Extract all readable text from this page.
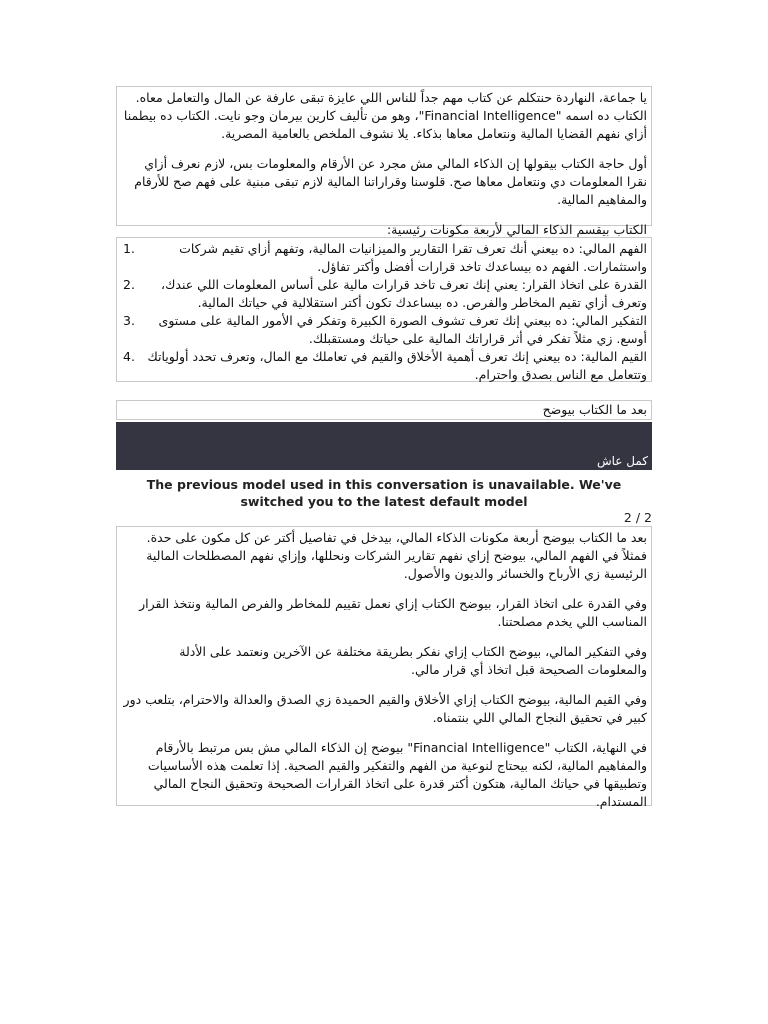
يا جماعة، النهاردة حنتكلم عن كتاب مهم جداً للناس اللي عايزة تبقى عارفة عن المال والتعامل معاه. الكتاب ده اسمه "Financial Intelligence"، وهو من تأليف كارين بيرمان وجو نايت. الكتاب ده بيطمنا أزاي نفهم القضايا المالية ونتعامل معاها بذكاء. يلا نشوف الملخص بالعامية المصرية.

أول حاجة الكتاب بيقولها إن الذكاء المالي مش مجرد عن الأرقام والمعلومات بس، لازم نعرف أزاي نقرا المعلومات دي ونتعامل معاها صح. قلوسنا وقراراتنا المالية لازم تبقى مبنية على فهم صح للأرقام والمفاهيم المالية.

الكتاب بيقسم الذكاء المالي لأربعة مكونات رئيسية:

1.	الفهم المالي: ده بيعني أنك تعرف تقرا التقارير والميزانيات المالية، وتفهم أزاي تقيم شركات واستثمارات. الفهم ده بيساعدك تاخد قرارات أفضل وأكتر تفاؤل.
2. القدرة على اتخاذ القرار: يعني إنك تعرف تاخد قرارات مالية على أساس المعلومات اللي عندك، وتعرف أزاي تقيم المخاطر والفرص. ده بيساعدك تكون أكتر استقلالية في حياتك المالية.
3. التفكير المالي: ده بيعني إنك تعرف تشوف الصورة الكبيرة وتفكر في الأمور المالية على مستوى أوسع. زي مثلاً تفكر في أثر قراراتك المالية على حياتك ومستقبلك.
4. القيم المالية: ده بيعني إنك تعرف أهمية الأخلاق والقيم في تعاملك مع المال، وتعرف تحدد أولوياتك وتتعامل مع الناس بصدق واحترام.
بعد ما الكتاب بيوضح
كمل عاش
The previous model used in this conversation is unavailable. We've switched you to the latest default model
2 / 2

بعد ما الكتاب بيوضح أربعة مكونات الذكاء المالي، بيدخل في تفاصيل أكتر عن كل مكون على حدة. فمثلاً في الفهم المالي، بيوضح إزاي نفهم تقارير الشركات ونحللها، وإزاي نفهم المصطلحات المالية الرئيسية زي الأرباح والخسائر والديون والأصول.

وفي القدرة على اتخاذ القرار، بيوضح الكتاب إزاي نعمل تقييم للمخاطر والفرص المالية ونتخذ القرار المناسب اللي يخدم مصلحتنا.

وفي التفكير المالي، بيوضح الكتاب إزاي نفكر بطريقة مختلفة عن الآخرين ونعتمد على الأدلة والمعلومات الصحيحة قبل اتخاذ أي قرار مالي.

وفي القيم المالية، بيوضح الكتاب إزاي الأخلاق والقيم الحميدة زي الصدق والعدالة والاحترام، بتلعب دور كبير في تحقيق النجاح المالي اللي بنتمناه.

في النهاية، الكتاب "Financial Intelligence" بيوضح إن الذكاء المالي مش بس مرتبط بالأرقام والمفاهيم المالية، لكنه بيحتاج لنوعية من الفهم والتفكير والقيم الصحية. إذا تعلمت هذه الأساسيات وتطبيقها في حياتك المالية، هتكون أكتر قدرة على اتخاذ القرارات الصحيحة وتحقيق النجاح المالي المستدام.
